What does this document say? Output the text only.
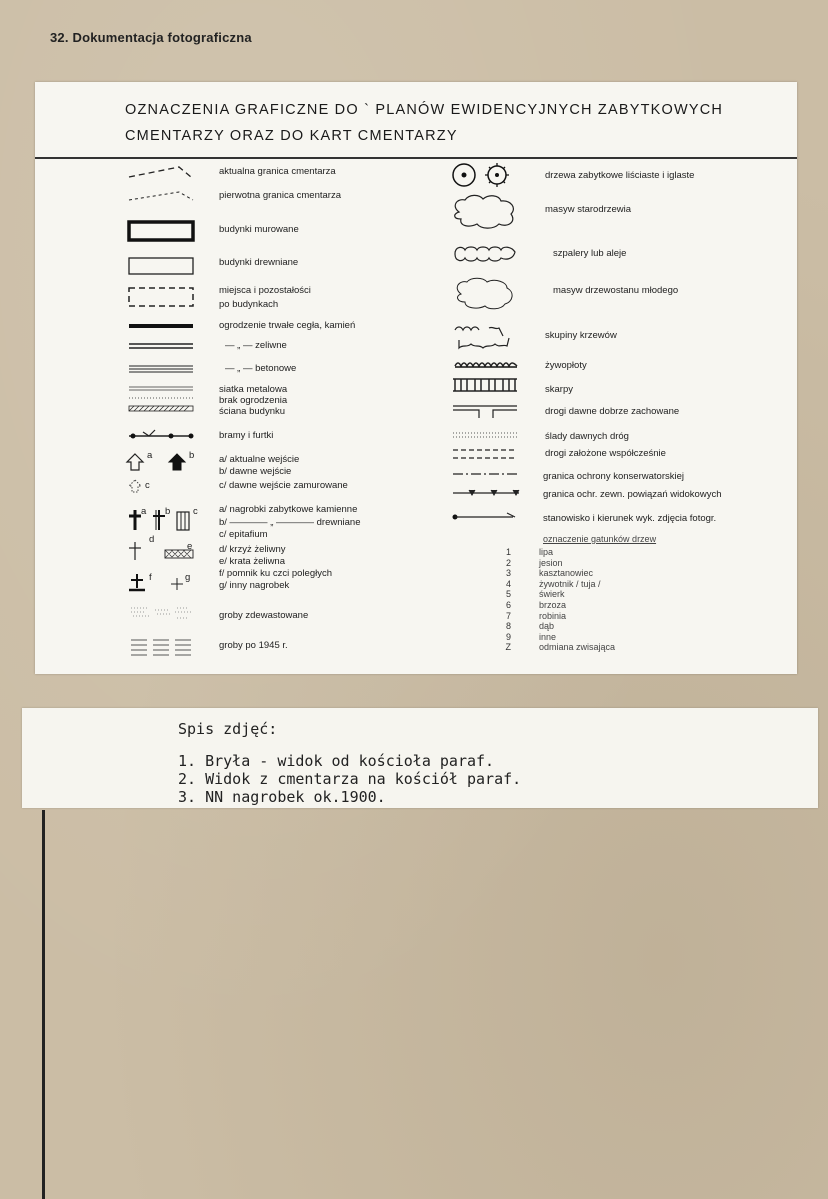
32. Dokumentacja fotograficzna
OZNACZENIA GRAFICZNE DO ` PLANÓW EWIDENCYJNYCH ZABYTKOWYCH
CMENTARZY ORAZ DO KART CMENTARZY
a	b
c
a b c
d
e
f	g
aktualna granica cmentarza
pierwotna granica cmentarza
budynki murowane
budynki drewniane
miejsca i pozostałości
po budynkach
ogrodzenie trwałe cegła, kamień
— „ — zeliwne
— „ — betonowe
siatka metalowa
brak ogrodzenia
ściana budynku
bramy i furtki
a/ aktualne wejście
b/ dawne wejście
c/ dawne wejście zamurowane
a/ nagrobki zabytkowe kamienne
b/ ———— „ ———— drewniane
c/ epitafium
d/ krzyż żeliwny
e/ krata żeliwna
f/ pomnik ku czci poległych
g/ inny nagrobek
groby zdewastowane
groby po 1945 r.
drzewa zabytkowe liściaste i iglaste
masyw starodrzewia
szpalery lub aleje
masyw drzewostanu młodego
skupiny krzewów
żywopłoty
skarpy
drogi dawne dobrze zachowane
ślady dawnych dróg
drogi założone współcześnie
granica ochrony konserwatorskiej
granica ochr. zewn. powiązań widokowych
stanowisko i kierunek wyk. zdjęcia fotogr.
oznaczenie gatunków drzew
1	lipa
2	jesion
3	kasztanowiec
4	żywotnik / tuja /
5	świerk
6	brzoza
7	robinia
8	dąb
9	inne
Z	odmiana zwisająca
Spis zdjęć:
1. Bryła - widok od kościoła paraf.
2. Widok z cmentarza na kościół paraf.
3. NN nagrobek ok.1900.
